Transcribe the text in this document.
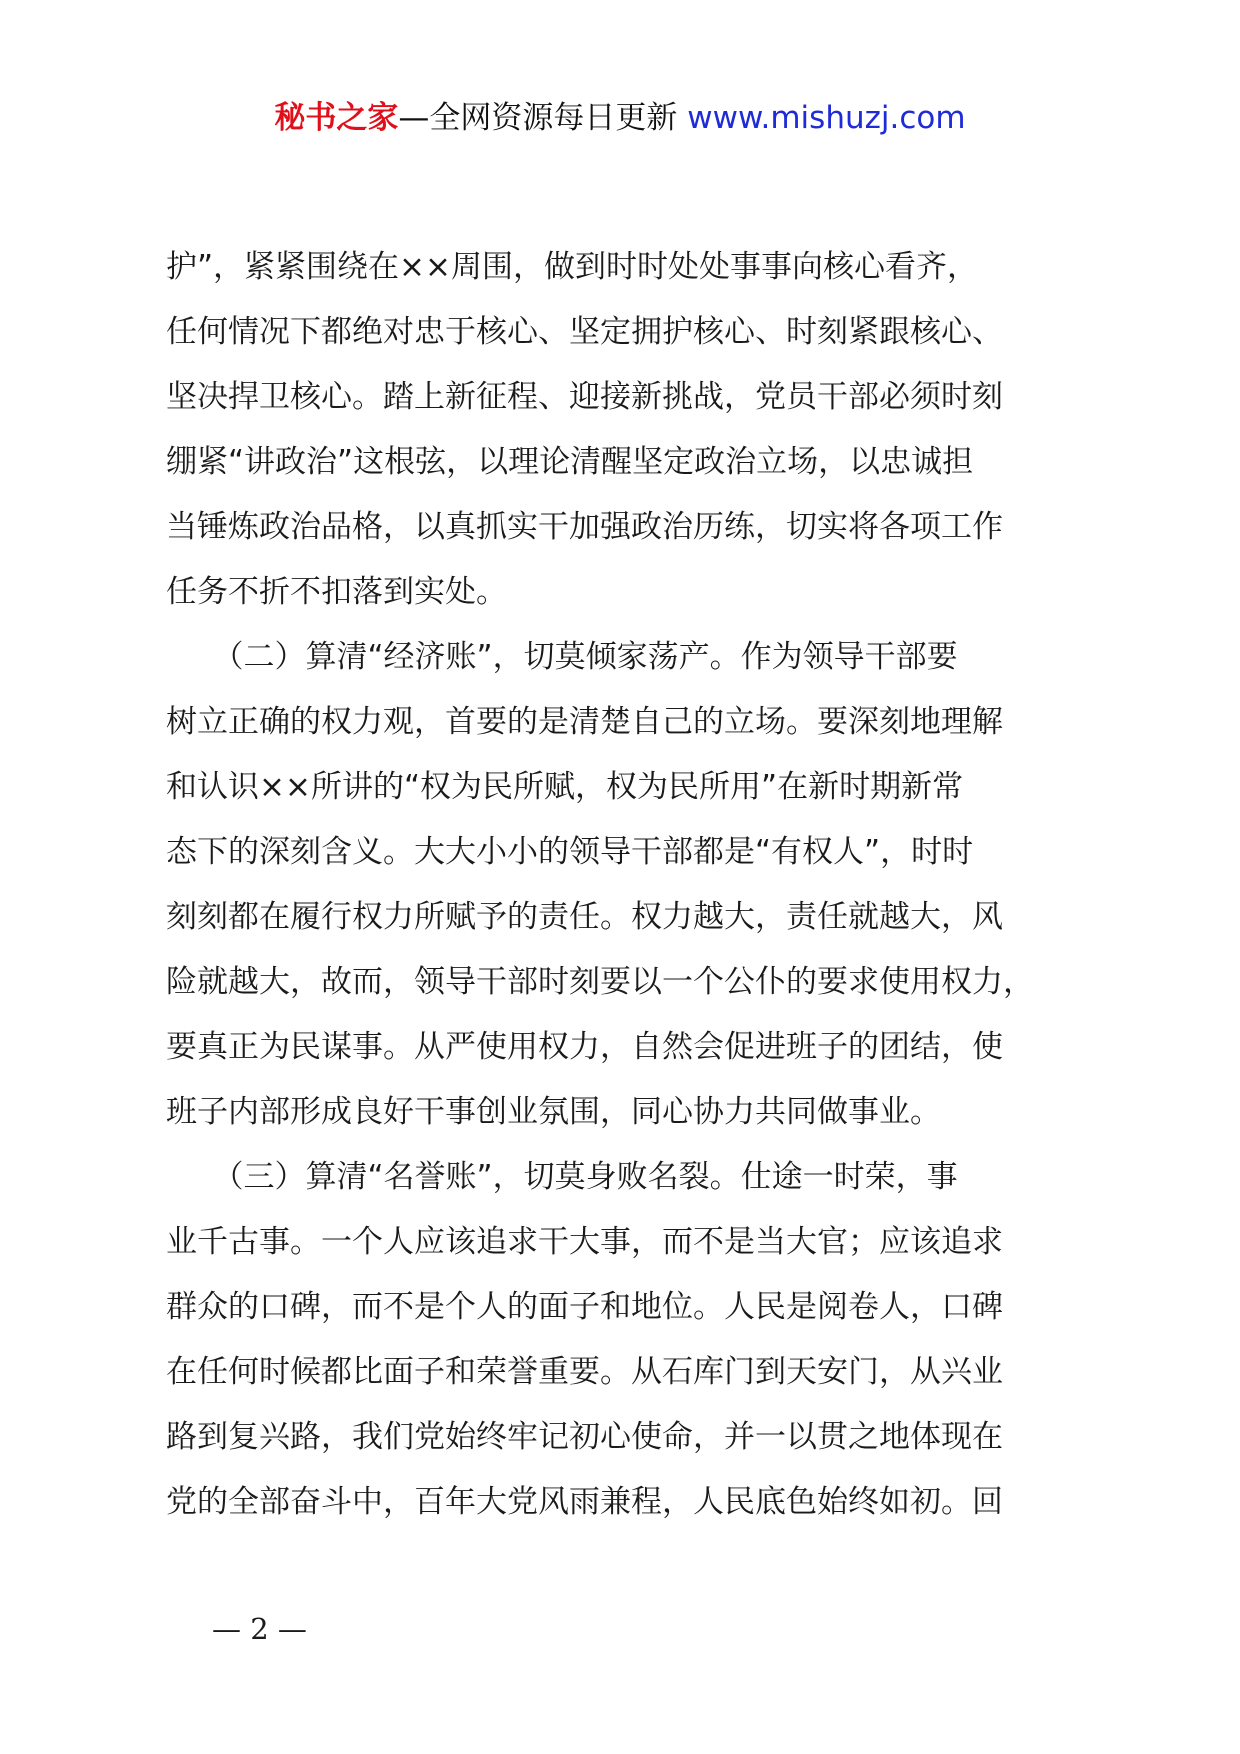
秘书之家—全网资源每日更新 www.mishuzj.com

护”，紧紧围绕在××周围，做到时时处处事事向核心看齐，

任何情况下都绝对忠于核心、坚定拥护核心、时刻紧跟核心、

坚决捍卫核心。踏上新征程、迎接新挑战，党员干部必须时刻

绷紧“讲政治”这根弦，以理论清醒坚定政治立场，以忠诚担

当锤炼政治品格，以真抓实干加强政治历练，切实将各项工作

任务不折不扣落到实处。

　　（二）算清“经济账”，切莫倾家荡产。作为领导干部要

树立正确的权力观，首要的是清楚自己的立场。要深刻地理解

和认识××所讲的“权为民所赋，权为民所用”在新时期新常

态下的深刻含义。大大小小的领导干部都是“有权人”，时时

刻刻都在履行权力所赋予的责任。权力越大，责任就越大，风

险就越大，故而，领导干部时刻要以一个公仆的要求使用权力，

要真正为民谋事。从严使用权力，自然会促进班子的团结，使

班子内部形成良好干事创业氛围，同心协力共同做事业。

　　（三）算清“名誉账”，切莫身败名裂。仕途一时荣，事

业千古事。一个人应该追求干大事，而不是当大官；应该追求

群众的口碑，而不是个人的面子和地位。人民是阅卷人，口碑

在任何时候都比面子和荣誉重要。从石库门到天安门，从兴业

路到复兴路，我们党始终牢记初心使命，并一以贯之地体现在

党的全部奋斗中，百年大党风雨兼程，人民底色始终如初。回

— 2 —
